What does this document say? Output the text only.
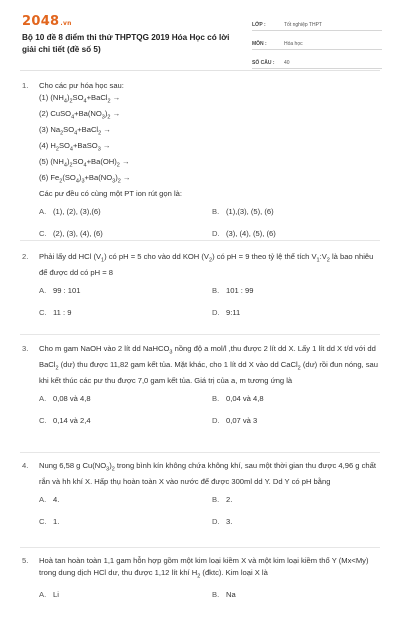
2048.vn
Bộ 10 đề 8 điểm thi thử THPTQG 2019 Hóa Học có lời giải chi tiết (đề số 5)
LỚP :	Tốt nghiệp THPT
MÔN :	Hóa học
SỐ CÂU :	40
1.	Cho các pư hóa học sau:
(1) $(NH_4)_2SO_4+BaCl_2$ →
(2) $CuSO_4+Ba(NO_3)_2$ →
(3) $Na_2SO_4+BaCl_2$ →
(4) $H_2SO_4+BaSO_3$ →
(5) $(NH_4)_2SO_4+Ba(OH)_2$ →
(6) $Fe_2(SO_4)_3+Ba(NO_3)_2$ →
Các pư đều có cùng một PT ion rút gọn là:
A. (1), (2), (3),(6)	B. (1),(3), (5), (6)
C. (2), (3), (4), (6)	D. (3), (4), (5), (6)
2.	Phải lấy dd HCl $(V_1)$ có pH = 5 cho vào dd KOH $(V_2)$ có pH = 9 theo tỷ lệ thể tích $V_1:V_2$ là bao nhiêu để được dd có pH = 8
A. 99 : 101	B. 101 : 99
C. 11 : 9	D. 9:11
3.	Cho m gam NaOH vào 2 lít dd NaHCO$_3$ nồng độ a mol/l ,thu được 2 lít dd X. Lấy 1 lít dd X t/d với dd BaCl$_2$ (dư) thu được 11,82 gam kết tủa. Mặt khác, cho 1 lít dd X vào dd CaCl$_2$ (dư) rồi đun nóng, sau khi kết thúc các pư thu được 7,0 gam kết tủa. Giá trị của a, m tương ứng là
A. 0,08 và 4,8	B. 0,04 và 4,8
C. 0,14 và 2,4	D. 0,07 và 3
4.	Nung 6,58 g $Cu(NO_3)_2$ trong bình kín không chứa không khí, sau một thời gian thu được 4,96 g chất rắn và hh khí X. Hấp thụ hoàn toàn X vào nước để được 300ml dd Y. Dd Y có pH bằng
A. 4.	B. 2.
C. 1.	D. 3.
5.	Hoà tan hoàn toàn 1,1 gam hỗn hợp gồm một kim loại kiềm X và một kim loại kiềm thổ Y (Mx<My) trong dung dịch HCl dư, thu được 1,12 lít khí $H_2$ (đktc). Kim loại X là
A. Li	B. Na
